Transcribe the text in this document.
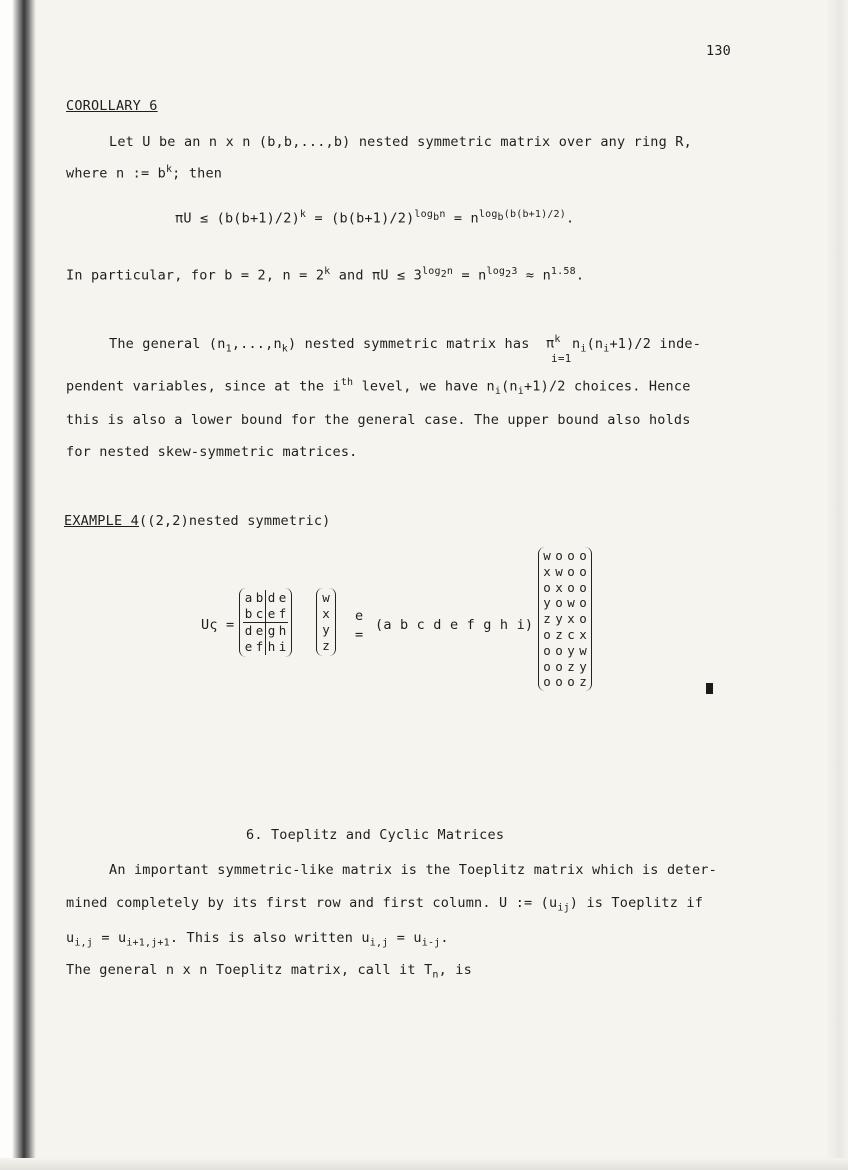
130
COROLLARY 6
Let U be an n x n (b,b,...,b) nested symmetric matrix over any ring R,
where n := $b^k$; then
$\pi U \le (b(b+1)/2)^k = (b(b+1)/2)^{log_bn} = n^{log_b(b(b+1)/2)}$.
In particular, for b = 2, $n = 2^k$ and $\pi U \le 3^{log_2n} = n^{log_23} \approx n^{1.58}$.
The general $(n_1,...,n_k)$ nested symmetric matrix has $\pi^k$
i=1
$n_i(n_i+1)/2$ inde-
pendent variables, since at the $i^{th}$ level, we have $n_i(n_i+1)/2$ choices. Hence
this is also a lower bound for the general case. The upper bound also holds
for nested skew-symmetric matrices.
EXAMPLE 4((2,2)nested symmetric)
Uς =
a b d e
b c e f
d e g h
e f h i
w
x
y
z
e
=
(a b c d e f g h i)
w o o o
x w o o
o x o o
y o w o
z y x o
o z c x
o o y w
o o z y
o o o z
6. Toeplitz and Cyclic Matrices
An important symmetric-like matrix is the Toeplitz matrix which is deter-
mined completely by its first row and first column. U := $(u_{ij})$ is Toeplitz if
$u_{i,j} = u_{i+1,j+1}$. This is also written $u_{i,j} = u_{i-j}$.
The general n x n Toeplitz matrix, call it $T_n$, is
